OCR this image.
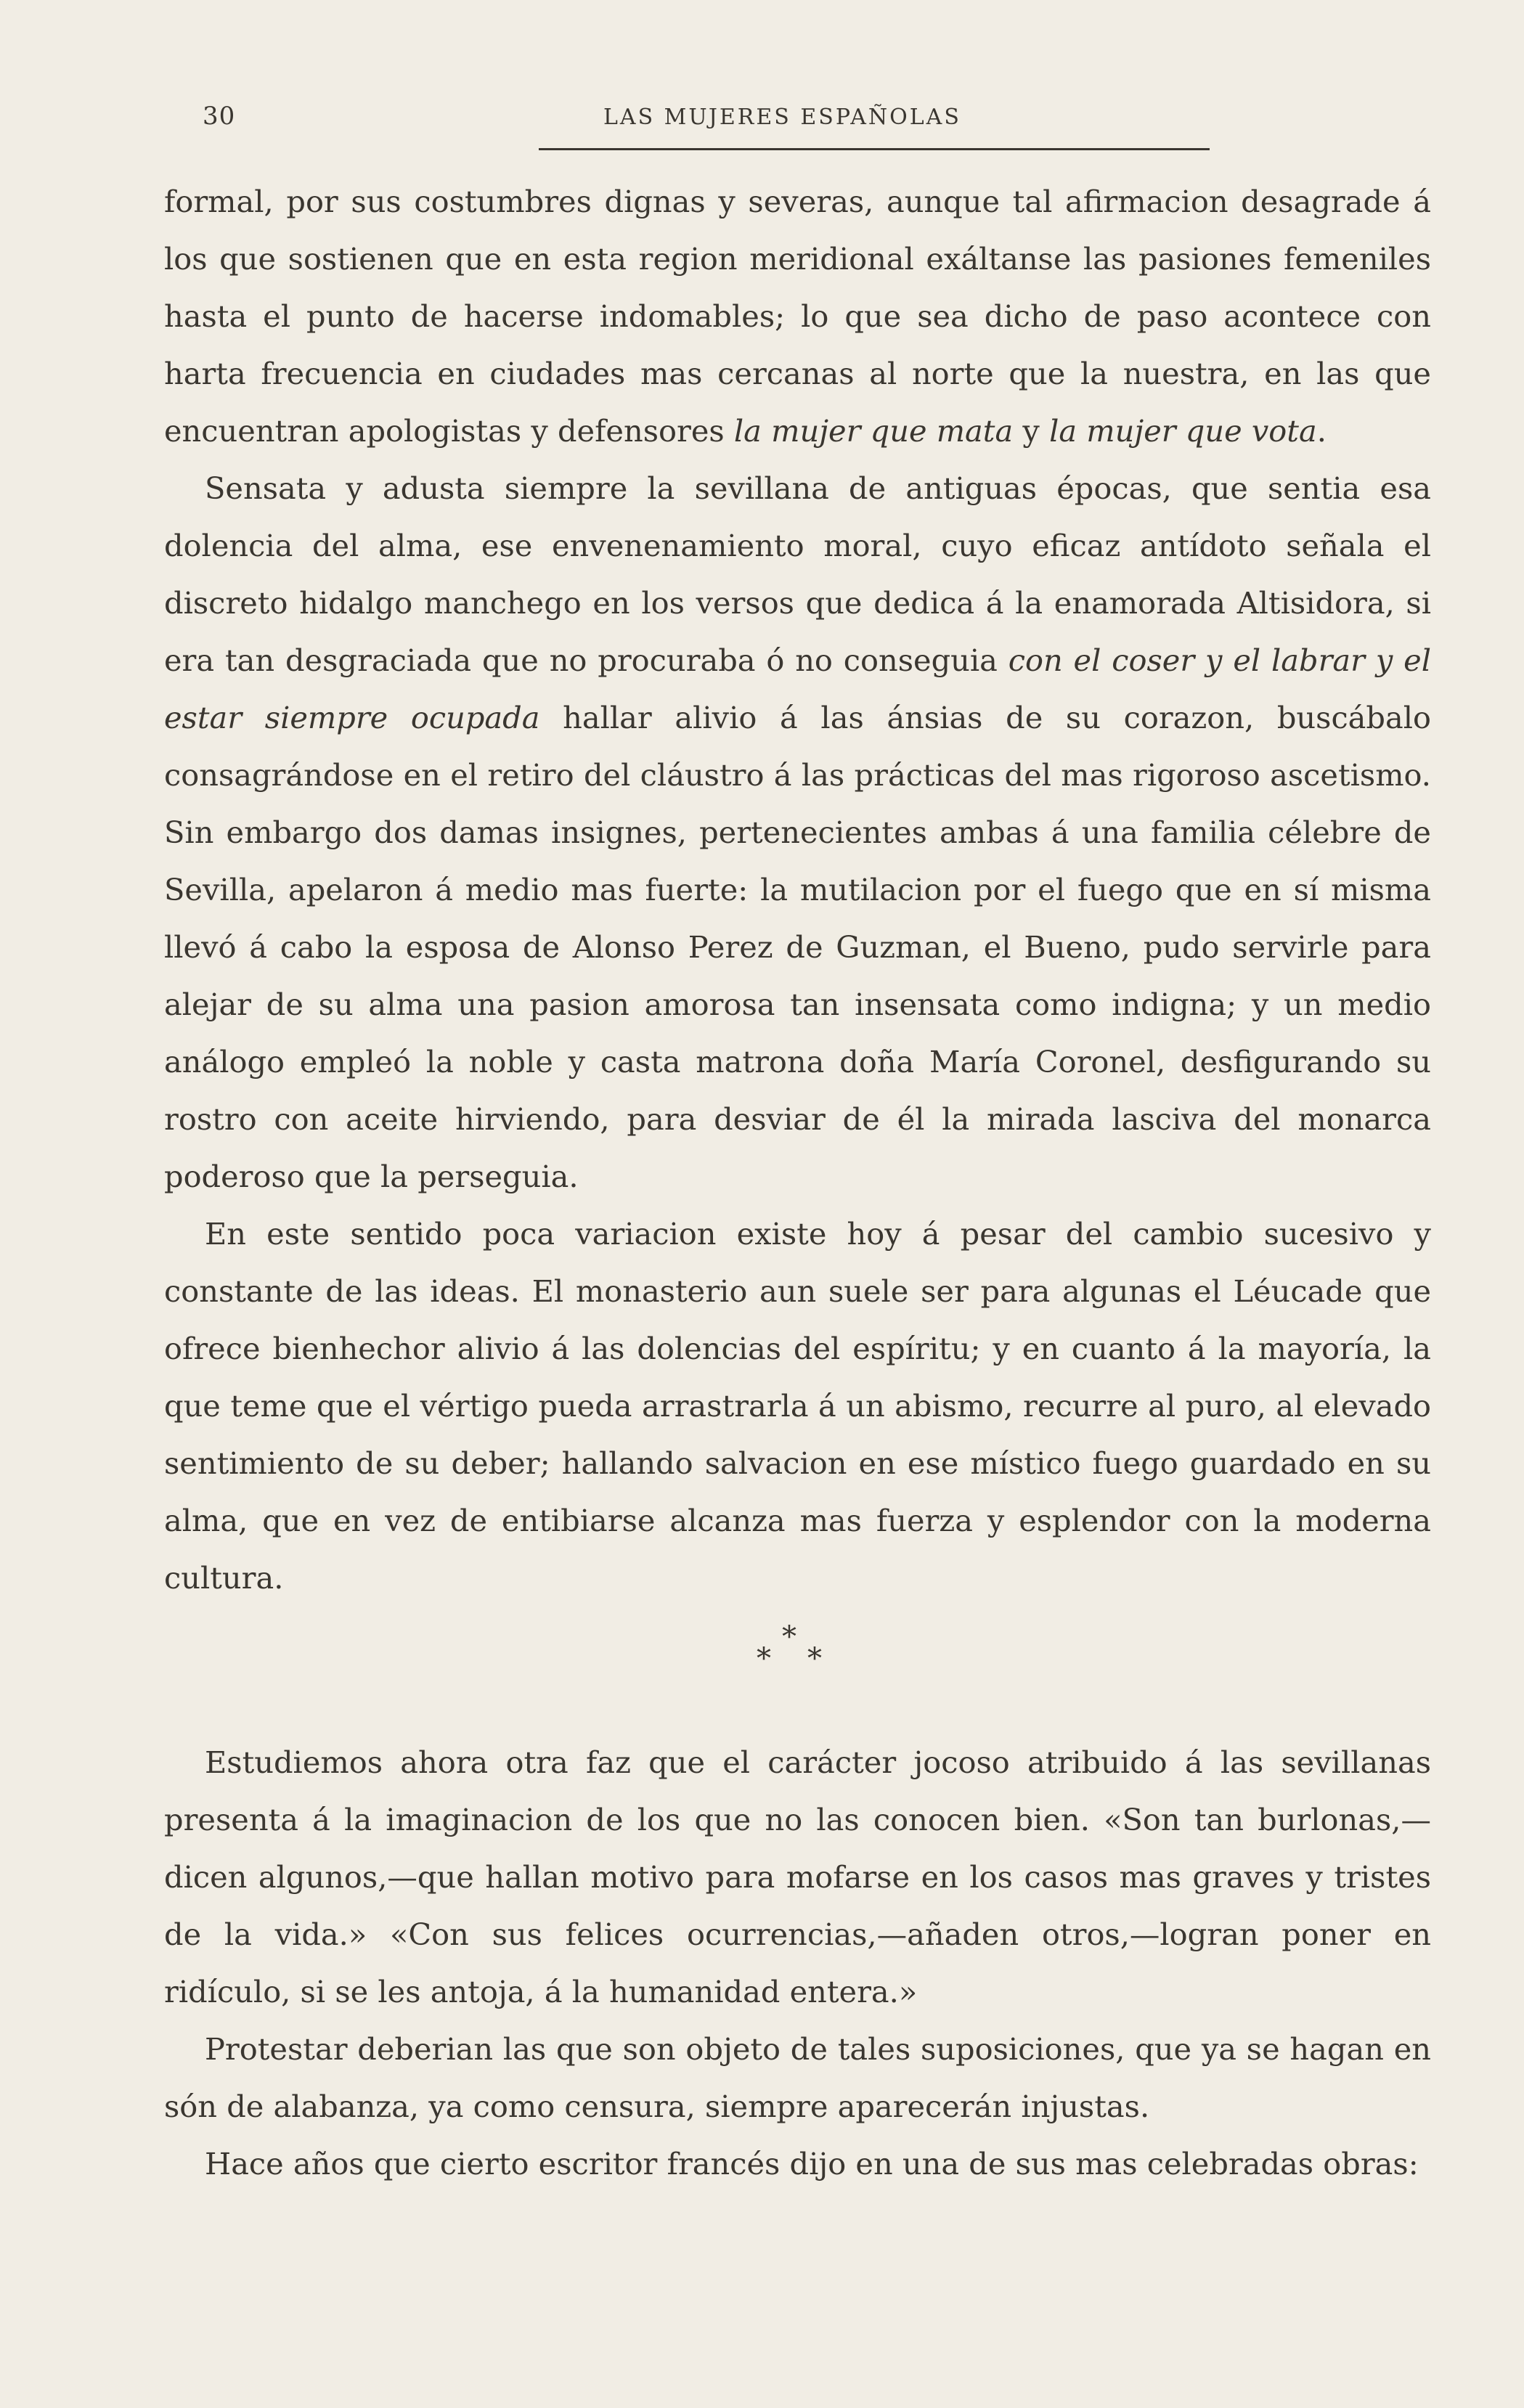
30	LAS MUJERES ESPAÑOLAS

formal, por sus costumbres dignas y severas, aunque tal afirmacion desagrade á los que sostienen que en esta region meridional exáltanse las pasiones femeniles hasta el punto de hacerse indomables; lo que sea dicho de paso acontece con harta frecuencia en ciudades mas cercanas al norte que la nuestra, en las que encuentran apologistas y defensores la mujer que mata y la mujer que vota.

Sensata y adusta siempre la sevillana de antiguas épocas, que sentia esa dolencia del alma, ese envenenamiento moral, cuyo eficaz antídoto señala el discreto hidalgo manchego en los versos que dedica á la enamorada Altisidora, si era tan desgraciada que no procuraba ó no conseguia con el coser y el labrar y el estar siempre ocupada hallar alivio á las ánsias de su corazon, buscábalo consagrándose en el retiro del cláustro á las prácticas del mas rigoroso ascetismo. Sin embargo dos damas insignes, pertenecientes ambas á una familia célebre de Sevilla, apelaron á medio mas fuerte: la mutilacion por el fuego que en sí misma llevó á cabo la esposa de Alonso Perez de Guzman, el Bueno, pudo servirle para alejar de su alma una pasion amorosa tan insensata como indigna; y un medio análogo empleó la noble y casta matrona doña María Coronel, desfigurando su rostro con aceite hirviendo, para desviar de él la mirada lasciva del monarca poderoso que la perseguia.

En este sentido poca variacion existe hoy á pesar del cambio sucesivo y constante de las ideas. El monasterio aun suele ser para algunas el Léucade que ofrece bienhechor alivio á las dolencias del espíritu; y en cuanto á la mayoría, la que teme que el vértigo pueda arrastrarla á un abismo, recurre al puro, al elevado sentimiento de su deber; hallando salvacion en ese místico fuego guardado en su alma, que en vez de entibiarse alcanza mas fuerza y esplendor con la moderna cultura.

*
* *

Estudiemos ahora otra faz que el carácter jocoso atribuido á las sevillanas presenta á la imaginacion de los que no las conocen bien. «Son tan burlonas,—dicen algunos,—que hallan motivo para mofarse en los casos mas graves y tristes de la vida.» «Con sus felices ocurrencias,—añaden otros,—logran poner en ridículo, si se les antoja, á la humanidad entera.»

Protestar deberian las que son objeto de tales suposiciones, que ya se hagan en són de alabanza, ya como censura, siempre aparecerán injustas.

Hace años que cierto escritor francés dijo en una de sus mas celebradas obras:
